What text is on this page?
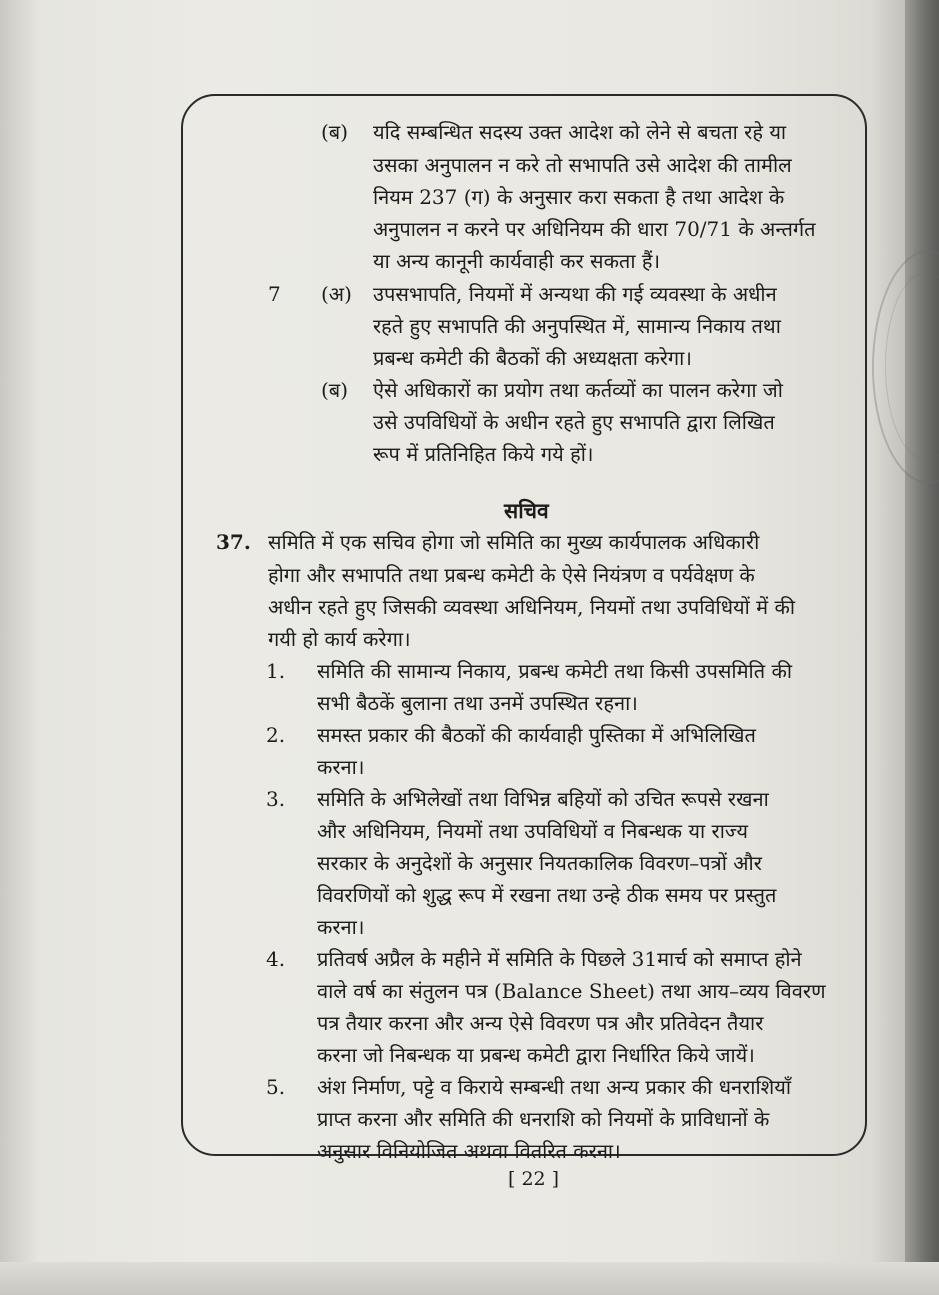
(ब) यदि सम्बन्धित सदस्य उक्त आदेश को लेने से बचता रहे या
उसका अनुपालन न करे तो सभापति उसे आदेश की तामील
नियम 237 (ग) के अनुसार करा सकता है तथा आदेश के
अनुपालन न करने पर अधिनियम की धारा 70/71 के अन्तर्गत
या अन्य कानूनी कार्यवाही कर सकता हैं।
7 (अ) उपसभापति, नियमों में अन्यथा की गई व्यवस्था के अधीन
रहते हुए सभापति की अनुपस्थित में, सामान्य निकाय तथा
प्रबन्ध कमेटी की बैठकों की अध्यक्षता करेगा।
(ब) ऐसे अधिकारों का प्रयोग तथा कर्तव्यों का पालन करेगा जो
उसे उपविधियों के अधीन रहते हुए सभापति द्वारा लिखित
रूप में प्रतिनिहित किये गये हों।
सचिव
37. समिति में एक सचिव होगा जो समिति का मुख्य कार्यपालक अधिकारी
होगा और सभापति तथा प्रबन्ध कमेटी के ऐसे नियंत्रण व पर्यवेक्षण के
अधीन रहते हुए जिसकी व्यवस्था अधिनियम, नियमों तथा उपविधियों में की
गयी हो कार्य करेगा।
1. समिति की सामान्य निकाय, प्रबन्ध कमेटी तथा किसी उपसमिति की
सभी बैठकें बुलाना तथा उनमें उपस्थित रहना।
2. समस्त प्रकार की बैठकों की कार्यवाही पुस्तिका में अभिलिखित
करना।
3. समिति के अभिलेखों तथा विभिन्न बहियों को उचित रूपसे रखना
और अधिनियम, नियमों तथा उपविधियों व निबन्धक या राज्य
सरकार के अनुदेशों के अनुसार नियतकालिक विवरण–पत्रों और
विवरणियों को शुद्ध रूप में रखना तथा उन्हे ठीक समय पर प्रस्तुत
करना।
4. प्रतिवर्ष अप्रैल के महीने में समिति के पिछले 31मार्च को समाप्त होने
वाले वर्ष का संतुलन पत्र (Balance Sheet) तथा आय–व्यय विवरण
पत्र तैयार करना और अन्य ऐसे विवरण पत्र और प्रतिवेदन तैयार
करना जो निबन्धक या प्रबन्ध कमेटी द्वारा निर्धारित किये जायें।
5. अंश निर्माण, पट्टे व किराये सम्बन्धी तथा अन्य प्रकार की धनराशियाँ
प्राप्त करना और समिति की धनराशि को नियमों के प्राविधानों के
अनुसार विनियोजित अथवा वितरित करना।
[ 22 ]
